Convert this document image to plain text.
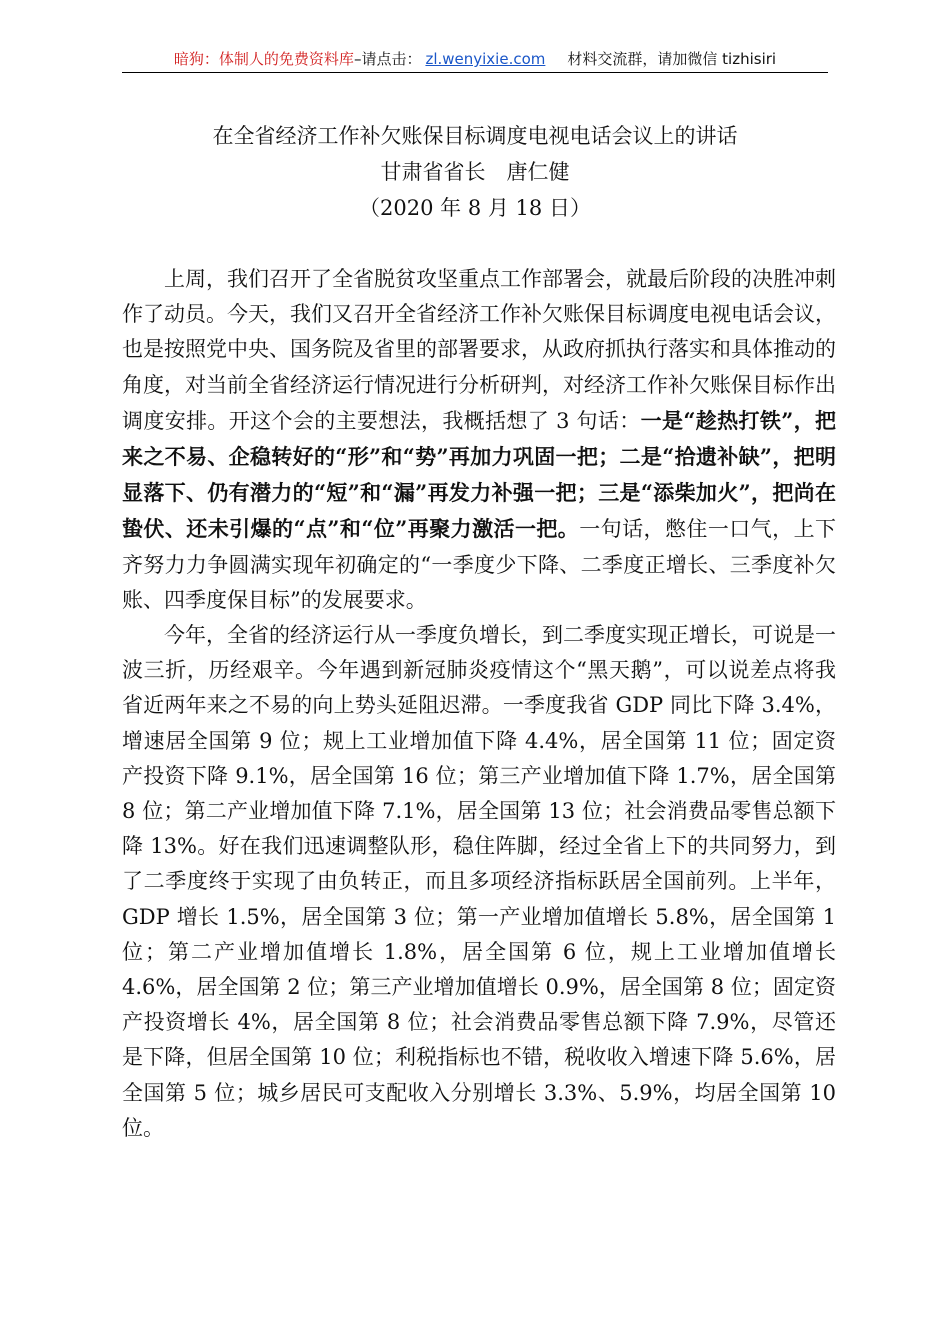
暗狗：体制人的免费资料库–请点击： zl.wenyixie.com 材料交流群，请加微信 tizhisiri
在全省经济工作补欠账保目标调度电视电话会议上的讲话
甘肃省省长　唐仁健
（2020 年 8 月 18 日）

上周，我们召开了全省脱贫攻坚重点工作部署会，就最后阶段的决胜冲刺作了动员。今天，我们又召开全省经济工作补欠账保目标调度电视电话会议，也是按照党中央、国务院及省里的部署要求，从政府抓执行落实和具体推动的角度，对当前全省经济运行情况进行分析研判，对经济工作补欠账保目标作出调度安排。开这个会的主要想法，我概括想了 3 句话：一是“趁热打铁”，把来之不易、企稳转好的“形”和“势”再加力巩固一把；二是“拾遗补缺”，把明显落下、仍有潜力的“短”和“漏”再发力补强一把；三是“添柴加火”，把尚在蛰伏、还未引爆的“点”和“位”再聚力激活一把。一句话，憋住一口气，上下齐努力力争圆满实现年初确定的“一季度少下降、二季度正增长、三季度补欠账、四季度保目标”的发展要求。

今年，全省的经济运行从一季度负增长，到二季度实现正增长，可说是一波三折，历经艰辛。今年遇到新冠肺炎疫情这个“黑天鹅”，可以说差点将我省近两年来之不易的向上势头延阻迟滞。一季度我省 GDP 同比下降 3.4%，增速居全国第 9 位；规上工业增加值下降 4.4%，居全国第 11 位；固定资产投资下降 9.1%，居全国第 16 位；第三产业增加值下降 1.7%，居全国第 8 位；第二产业增加值下降 7.1%，居全国第 13 位；社会消费品零售总额下降 13%。好在我们迅速调整队形，稳住阵脚，经过全省上下的共同努力，到了二季度终于实现了由负转正，而且多项经济指标跃居全国前列。上半年，GDP 增长 1.5%，居全国第 3 位；第一产业增加值增长 5.8%，居全国第 1 位；第二产业增加值增长 1.8%，居全国第 6 位，规上工业增加值增长 4.6%，居全国第 2 位；第三产业增加值增长 0.9%，居全国第 8 位；固定资产投资增长 4%，居全国第 8 位；社会消费品零售总额下降 7.9%，尽管还是下降，但居全国第 10 位；利税指标也不错，税收收入增速下降 5.6%，居全国第 5 位；城乡居民可支配收入分别增长 3.3%、5.9%，均居全国第 10 位。
